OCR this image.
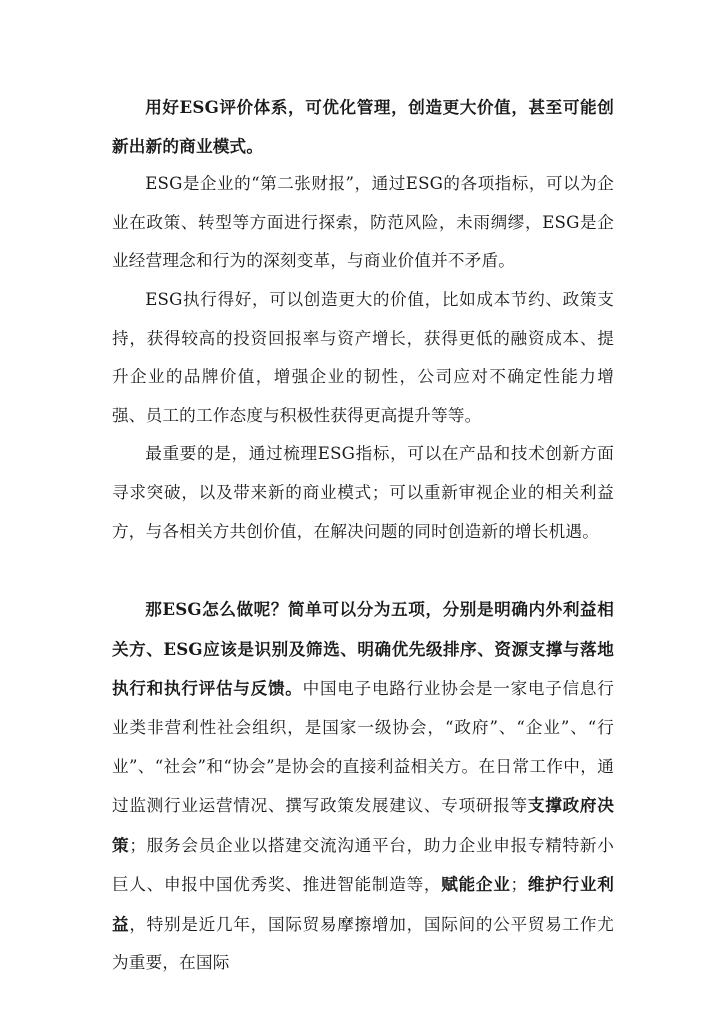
用好ESG评价体系，可优化管理，创造更大价值，甚至可能创新出新的商业模式。

ESG是企业的“第二张财报”，通过ESG的各项指标，可以为企业在政策、转型等方面进行探索，防范风险，未雨绸缪，ESG是企业经营理念和行为的深刻变革，与商业价值并不矛盾。

ESG执行得好，可以创造更大的价值，比如成本节约、政策支持，获得较高的投资回报率与资产增长，获得更低的融资成本、提升企业的品牌价值，增强企业的韧性，公司应对不确定性能力增强、员工的工作态度与积极性获得更高提升等等。

最重要的是，通过梳理ESG指标，可以在产品和技术创新方面寻求突破，以及带来新的商业模式；可以重新审视企业的相关利益方，与各相关方共创价值，在解决问题的同时创造新的增长机遇。

那ESG怎么做呢？简单可以分为五项，分别是明确内外利益相关方、ESG应该是识别及筛选、明确优先级排序、资源支撑与落地执行和执行评估与反馈。中国电子电路行业协会是一家电子信息行业类非营利性社会组织，是国家一级协会，“政府”、“企业”、“行业”、“社会”和“协会”是协会的直接利益相关方。在日常工作中，通过监测行业运营情况、撰写政策发展建议、专项研报等支撑政府决策；服务会员企业以搭建交流沟通平台，助力企业申报专精特新小巨人、申报中国优秀奖、推进智能制造等，赋能企业；维护行业利益，特别是近几年，国际贸易摩擦增加，国际间的公平贸易工作尤为重要，在国际
